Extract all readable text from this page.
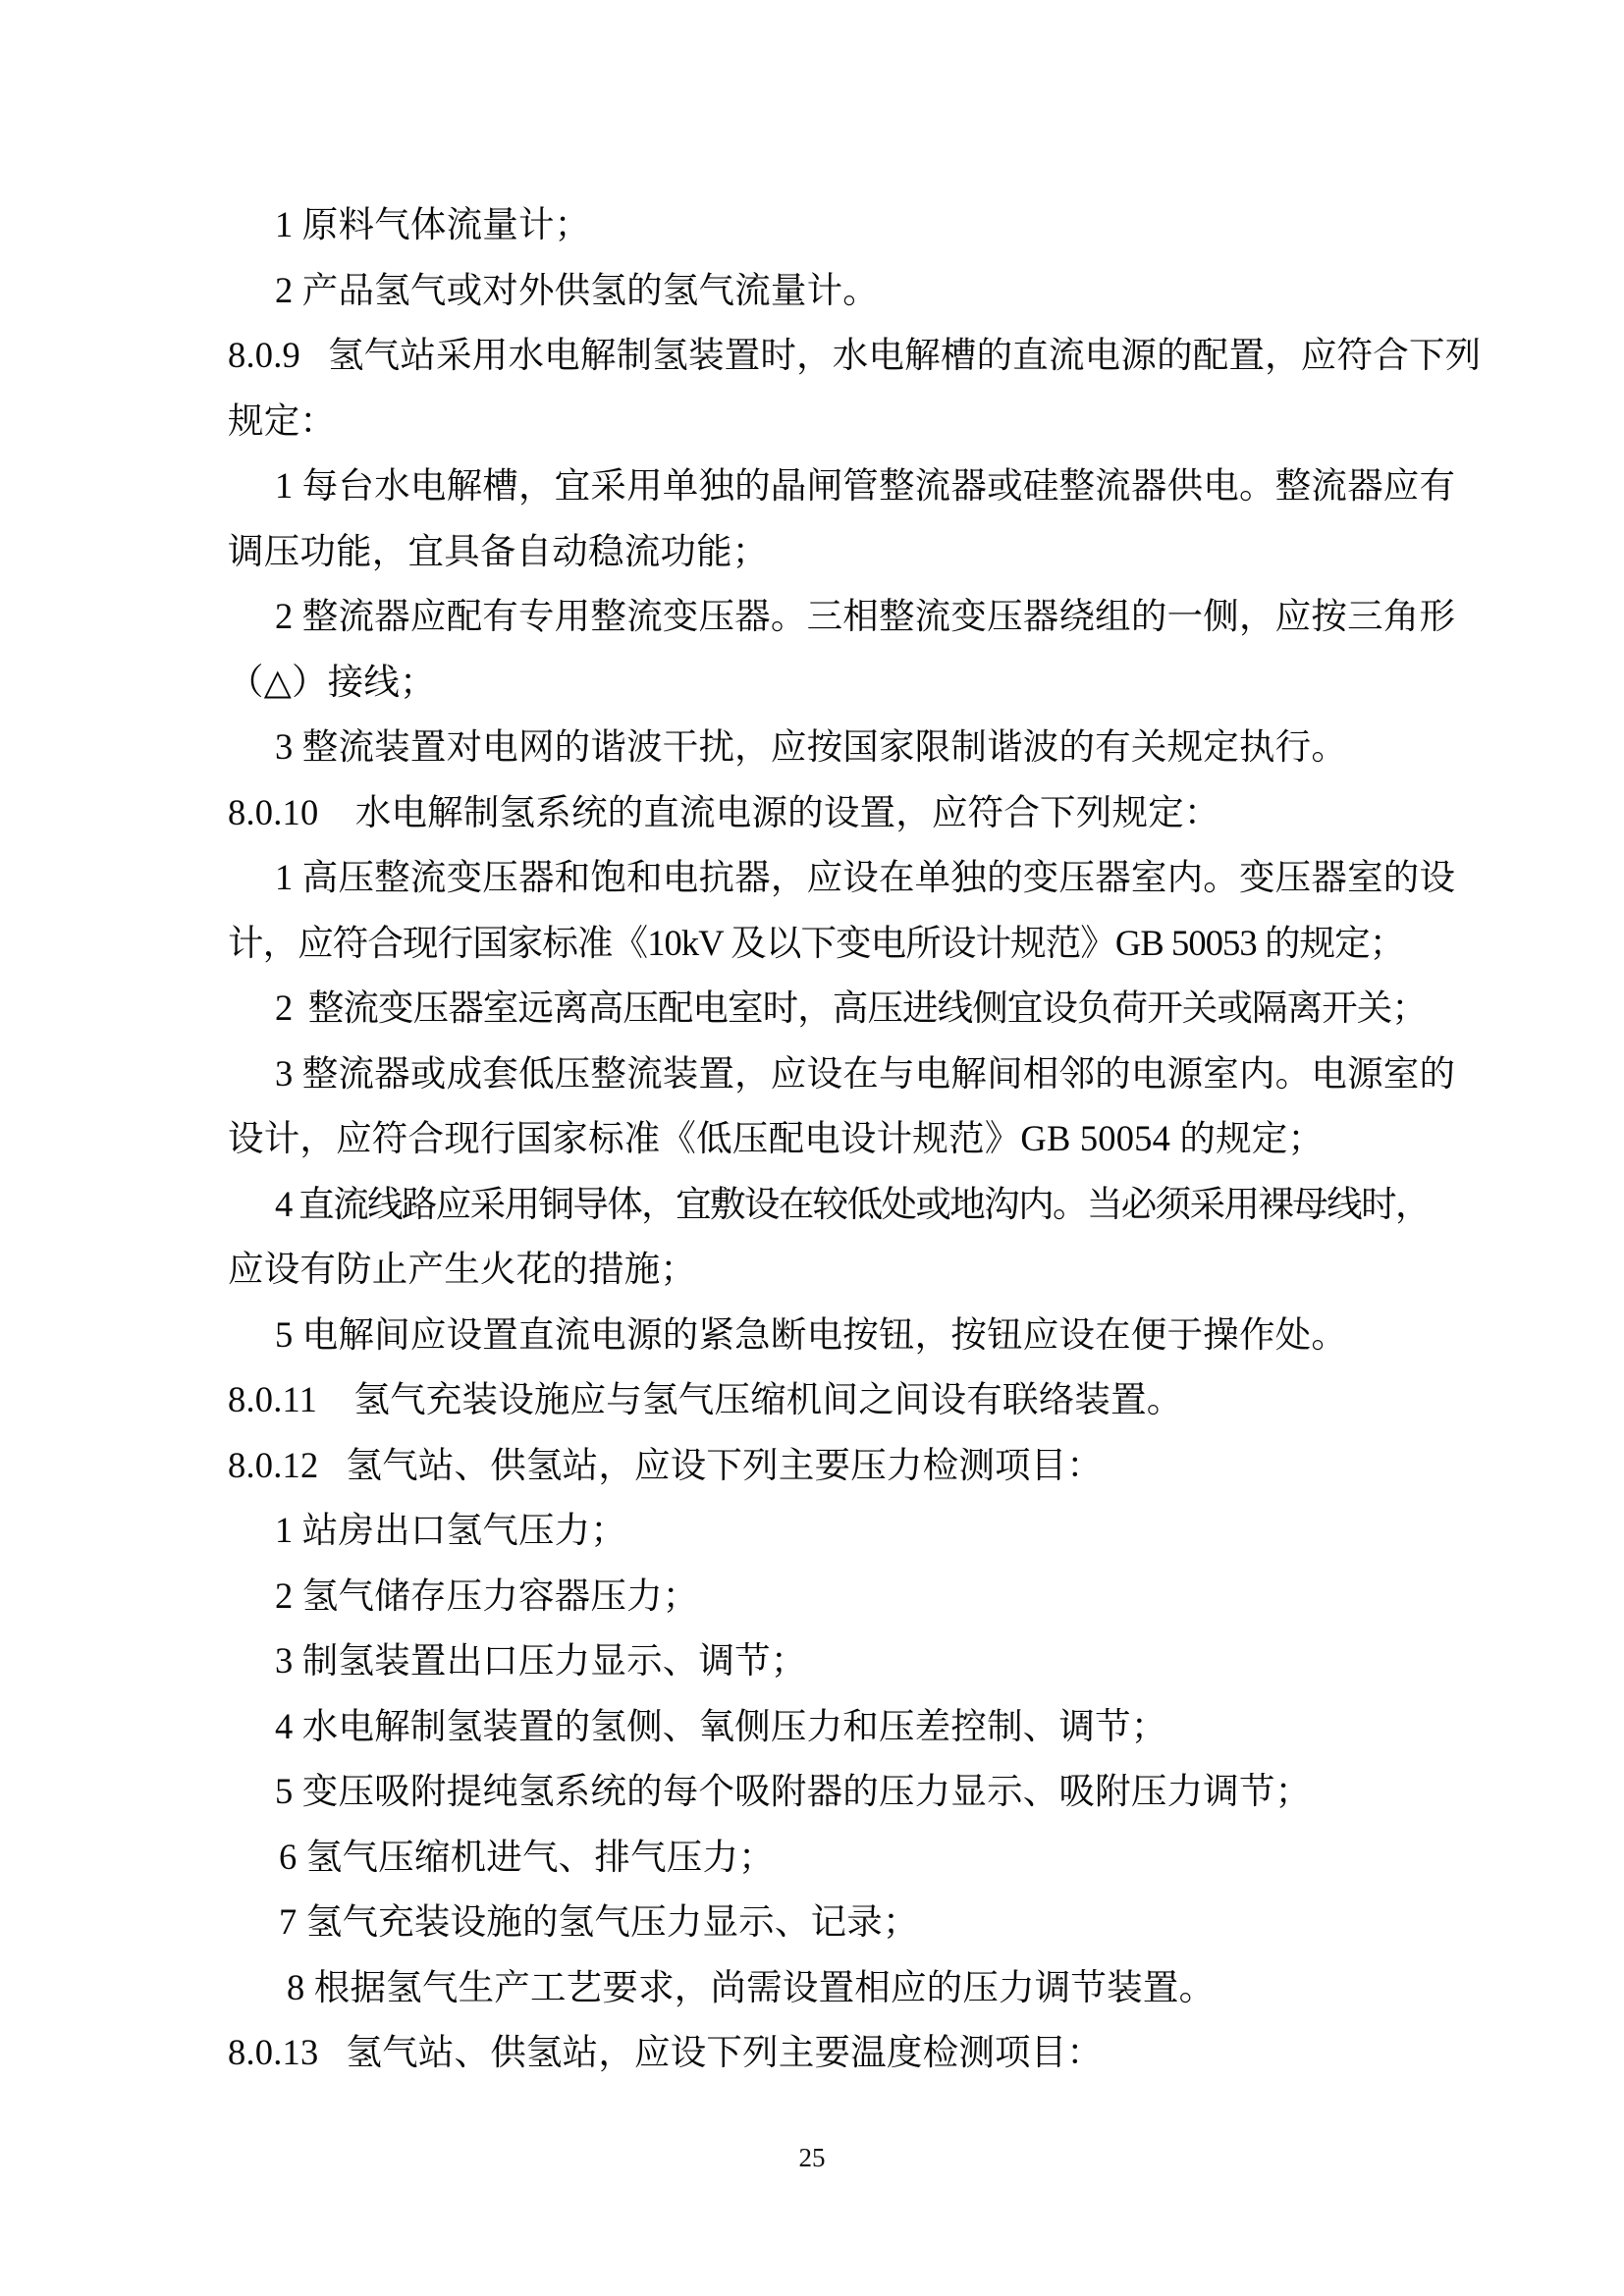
1 原料气体流量计；
2 产品氢气或对外供氢的氢气流量计。
8.0.9   氢气站采用水电解制氢装置时，水电解槽的直流电源的配置，应符合下列
规定：
1 每台水电解槽，宜采用单独的晶闸管整流器或硅整流器供电。整流器应有
调压功能，宜具备自动稳流功能；
2 整流器应配有专用整流变压器。三相整流变压器绕组的一侧，应按三角形
（△）接线；
3 整流装置对电网的谐波干扰，应按国家限制谐波的有关规定执行。
8.0.10    水电解制氢系统的直流电源的设置，应符合下列规定：
1 高压整流变压器和饱和电抗器，应设在单独的变压器室内。变压器室的设
计，应符合现行国家标准《10kV 及以下变电所设计规范》GB 50053 的规定；
2  整流变压器室远离高压配电室时，高压进线侧宜设负荷开关或隔离开关；
3 整流器或成套低压整流装置，应设在与电解间相邻的电源室内。电源室的
设计，应符合现行国家标准《低压配电设计规范》GB 50054 的规定；
4 直流线路应采用铜导体，宜敷设在较低处或地沟内。当必须采用裸母线时，
应设有防止产生火花的措施；
5 电解间应设置直流电源的紧急断电按钮，按钮应设在便于操作处。
8.0.11    氢气充装设施应与氢气压缩机间之间设有联络装置。
8.0.12   氢气站、供氢站，应设下列主要压力检测项目：
1 站房出口氢气压力；
2 氢气储存压力容器压力；
3 制氢装置出口压力显示、调节；
4 水电解制氢装置的氢侧、氧侧压力和压差控制、调节；
5 变压吸附提纯氢系统的每个吸附器的压力显示、吸附压力调节；
6 氢气压缩机进气、排气压力；
7 氢气充装设施的氢气压力显示、记录；
8 根据氢气生产工艺要求，尚需设置相应的压力调节装置。
8.0.13   氢气站、供氢站，应设下列主要温度检测项目：
25
